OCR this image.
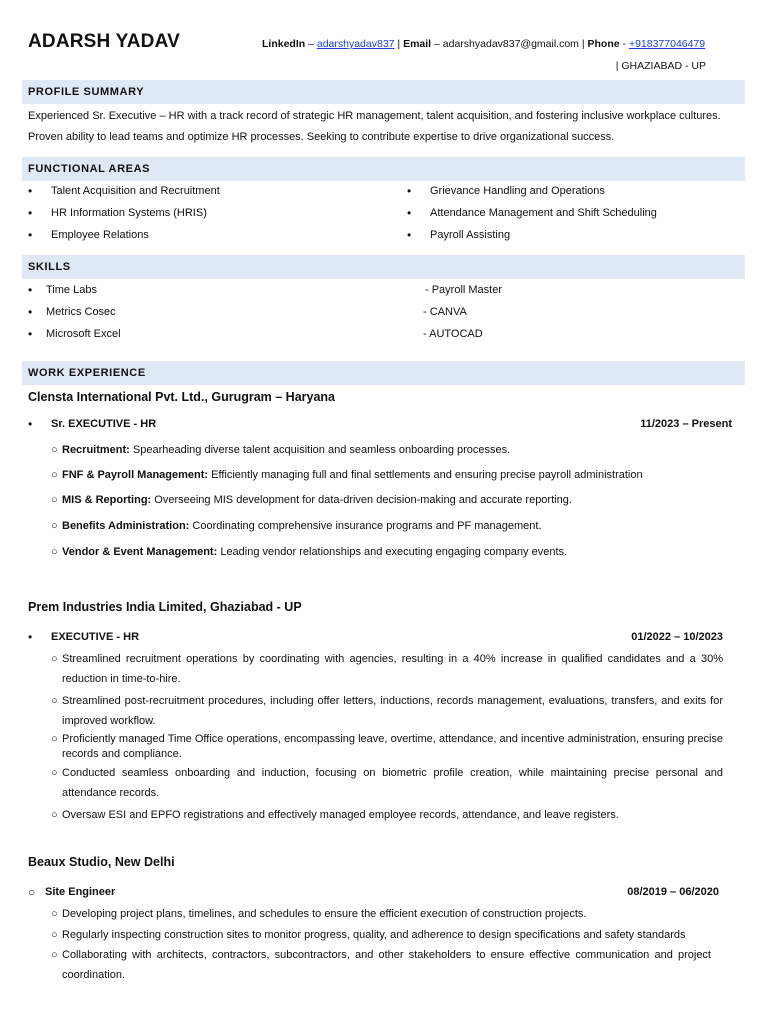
ADARSH YADAV	LinkedIn – adarshyadav837 | Email – adarshyadav837@gmail.com | Phone - +918377046479
| GHAZIABAD - UP
PROFILE SUMMARY
Experienced Sr. Executive – HR with a track record of strategic HR management, talent acquisition, and fostering inclusive workplace cultures.
Proven ability to lead teams and optimize HR processes. Seeking to contribute expertise to drive organizational success.
FUNCTIONAL AREAS
• Talent Acquisition and Recruitment
• HR Information Systems (HRIS)
• Employee Relations
• Grievance Handling and Operations
• Attendance Management and Shift Scheduling
• Payroll Assisting
SKILLS
• Time Labs
• Metrics Cosec
• Microsoft Excel
- Payroll Master
- CANVA
- AUTOCAD
WORK EXPERIENCE
Clensta International Pvt. Ltd., Gurugram – Haryana
• Sr. EXECUTIVE - HR	11/2023 – Present
○ Recruitment: Spearheading diverse talent acquisition and seamless onboarding processes.
○ FNF & Payroll Management: Efficiently managing full and final settlements and ensuring precise payroll administration
○ MIS & Reporting: Overseeing MIS development for data-driven decision-making and accurate reporting.
○ Benefits Administration: Coordinating comprehensive insurance programs and PF management.
○ Vendor & Event Management: Leading vendor relationships and executing engaging company events.
Prem Industries India Limited, Ghaziabad - UP
• EXECUTIVE - HR	01/2022 – 10/2023
○ Streamlined recruitment operations by coordinating with agencies, resulting in a 40% increase in qualified candidates and a 30% reduction in time-to-hire.
○ Streamlined post-recruitment procedures, including offer letters, inductions, records management, evaluations, transfers, and exits for improved workflow.
○ Proficiently managed Time Office operations, encompassing leave, overtime, attendance, and incentive administration, ensuring precise records and compliance.
○ Conducted seamless onboarding and induction, focusing on biometric profile creation, while maintaining precise personal and attendance records.
○ Oversaw ESI and EPFO registrations and effectively managed employee records, attendance, and leave registers.
Beaux Studio, New Delhi
○ Site Engineer	08/2019 – 06/2020
○ Developing project plans, timelines, and schedules to ensure the efficient execution of construction projects.
○ Regularly inspecting construction sites to monitor progress, quality, and adherence to design specifications and safety standards
○ Collaborating with architects, contractors, subcontractors, and other stakeholders to ensure effective communication and project coordination.
